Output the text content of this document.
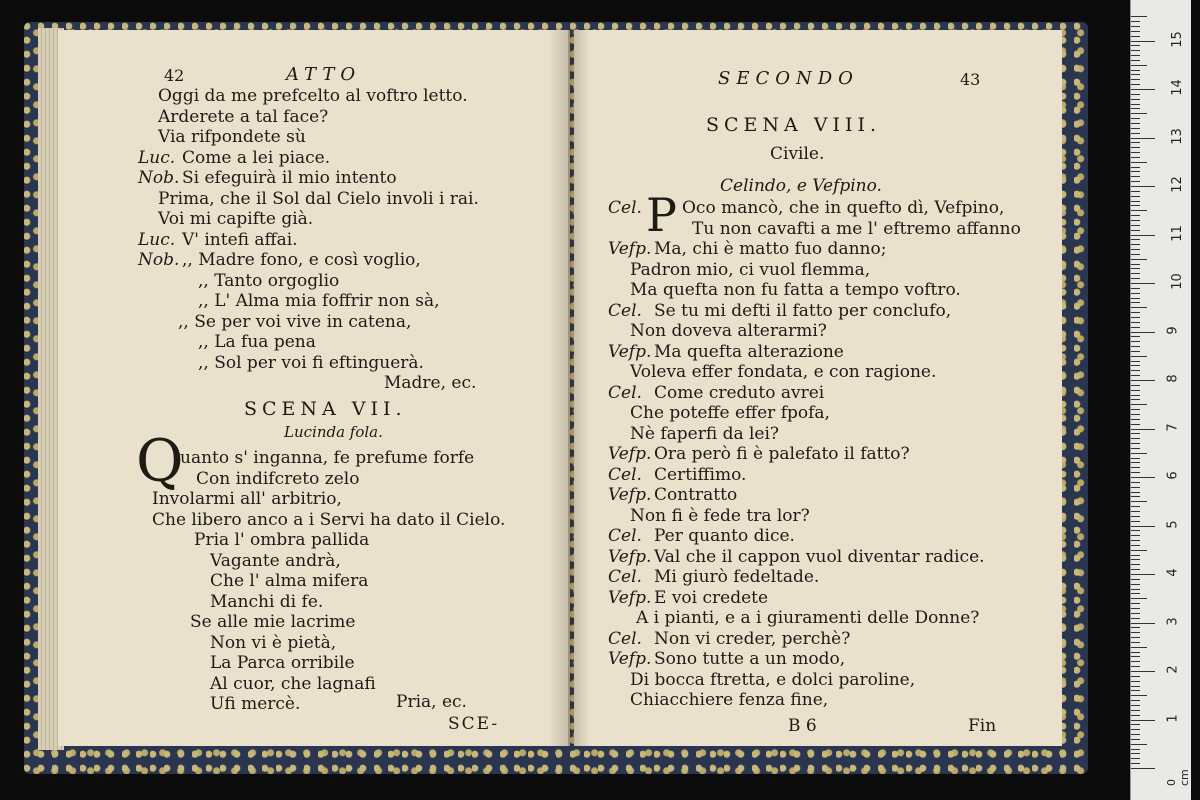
42	ATTO
Oggi da me prefcelto al voftro letto.
Arderete a tal face?
Via rifpondete sù
Luc. Come a lei piace.
Nob. Si efeguirà il mio intento
Prima, che il Sol dal Cielo involi i rai.
Voi mi capifte già.
Luc. V' intefi affai.
Nob. ,, Madre fono, e così voglio,
,, Tanto orgoglio
,, L' Alma mia foffrir non sà,
,, Se per voi vive in catena,
,, La fua pena
,, Sol per voi fi eftinguerà.
Madre, ec.
SCENA VII.
Lucinda fola.
Q
uanto s' inganna, fe prefume forfe
Con indifcreto zelo
Involarmi all' arbitrio,
Che libero anco a i Servi ha dato il Cielo.
Pria l' ombra pallida
Vagante andrà,
Che l' alma mifera
Manchi di fe.
Se alle mie lacrime
Non vi è pietà,
La Parca orribile
Al cuor, che lagnafi
Ufi mercè.	Pria, ec.
SCE-
SECONDO	43
SCENA VIII.
Civile.
Celindo, e Vefpino.
P
Cel. Oco mancò, che in quefto dì, Vefpino,
Tu non cavafti a me l' eftremo affanno
Vefp. Ma, chi è matto fuo danno;
Padron mio, ci vuol flemma,
Ma quefta non fu fatta a tempo voftro.
Cel. Se tu mi defti il fatto per conclufo,
Non doveva alterarmi?
Vefp. Ma quefta alterazione
Voleva effer fondata, e con ragione.
Cel. Come creduto avrei
Che poteffe effer fpofa,
Nè faperfi da lei?
Vefp. Ora però fi è palefato il fatto?
Cel. Certiffimo.
Vefp. Contratto
Non fi è fede tra lor?
Cel. Per quanto dice.
Vefp. Val che il cappon vuol diventar radice.
Cel. Mi giurò fedeltade.
Vefp. E voi credete
A i pianti, e a i giuramenti delle Donne?
Cel. Non vi creder, perchè?
Vefp. Sono tutte a un modo,
Di bocca ftretta, e dolci paroline,
Chiacchiere fenza fine,
B 6	Fin	1
2
3
4
5
6
7
8
9
10
11
12
13
14
15
0 cm
